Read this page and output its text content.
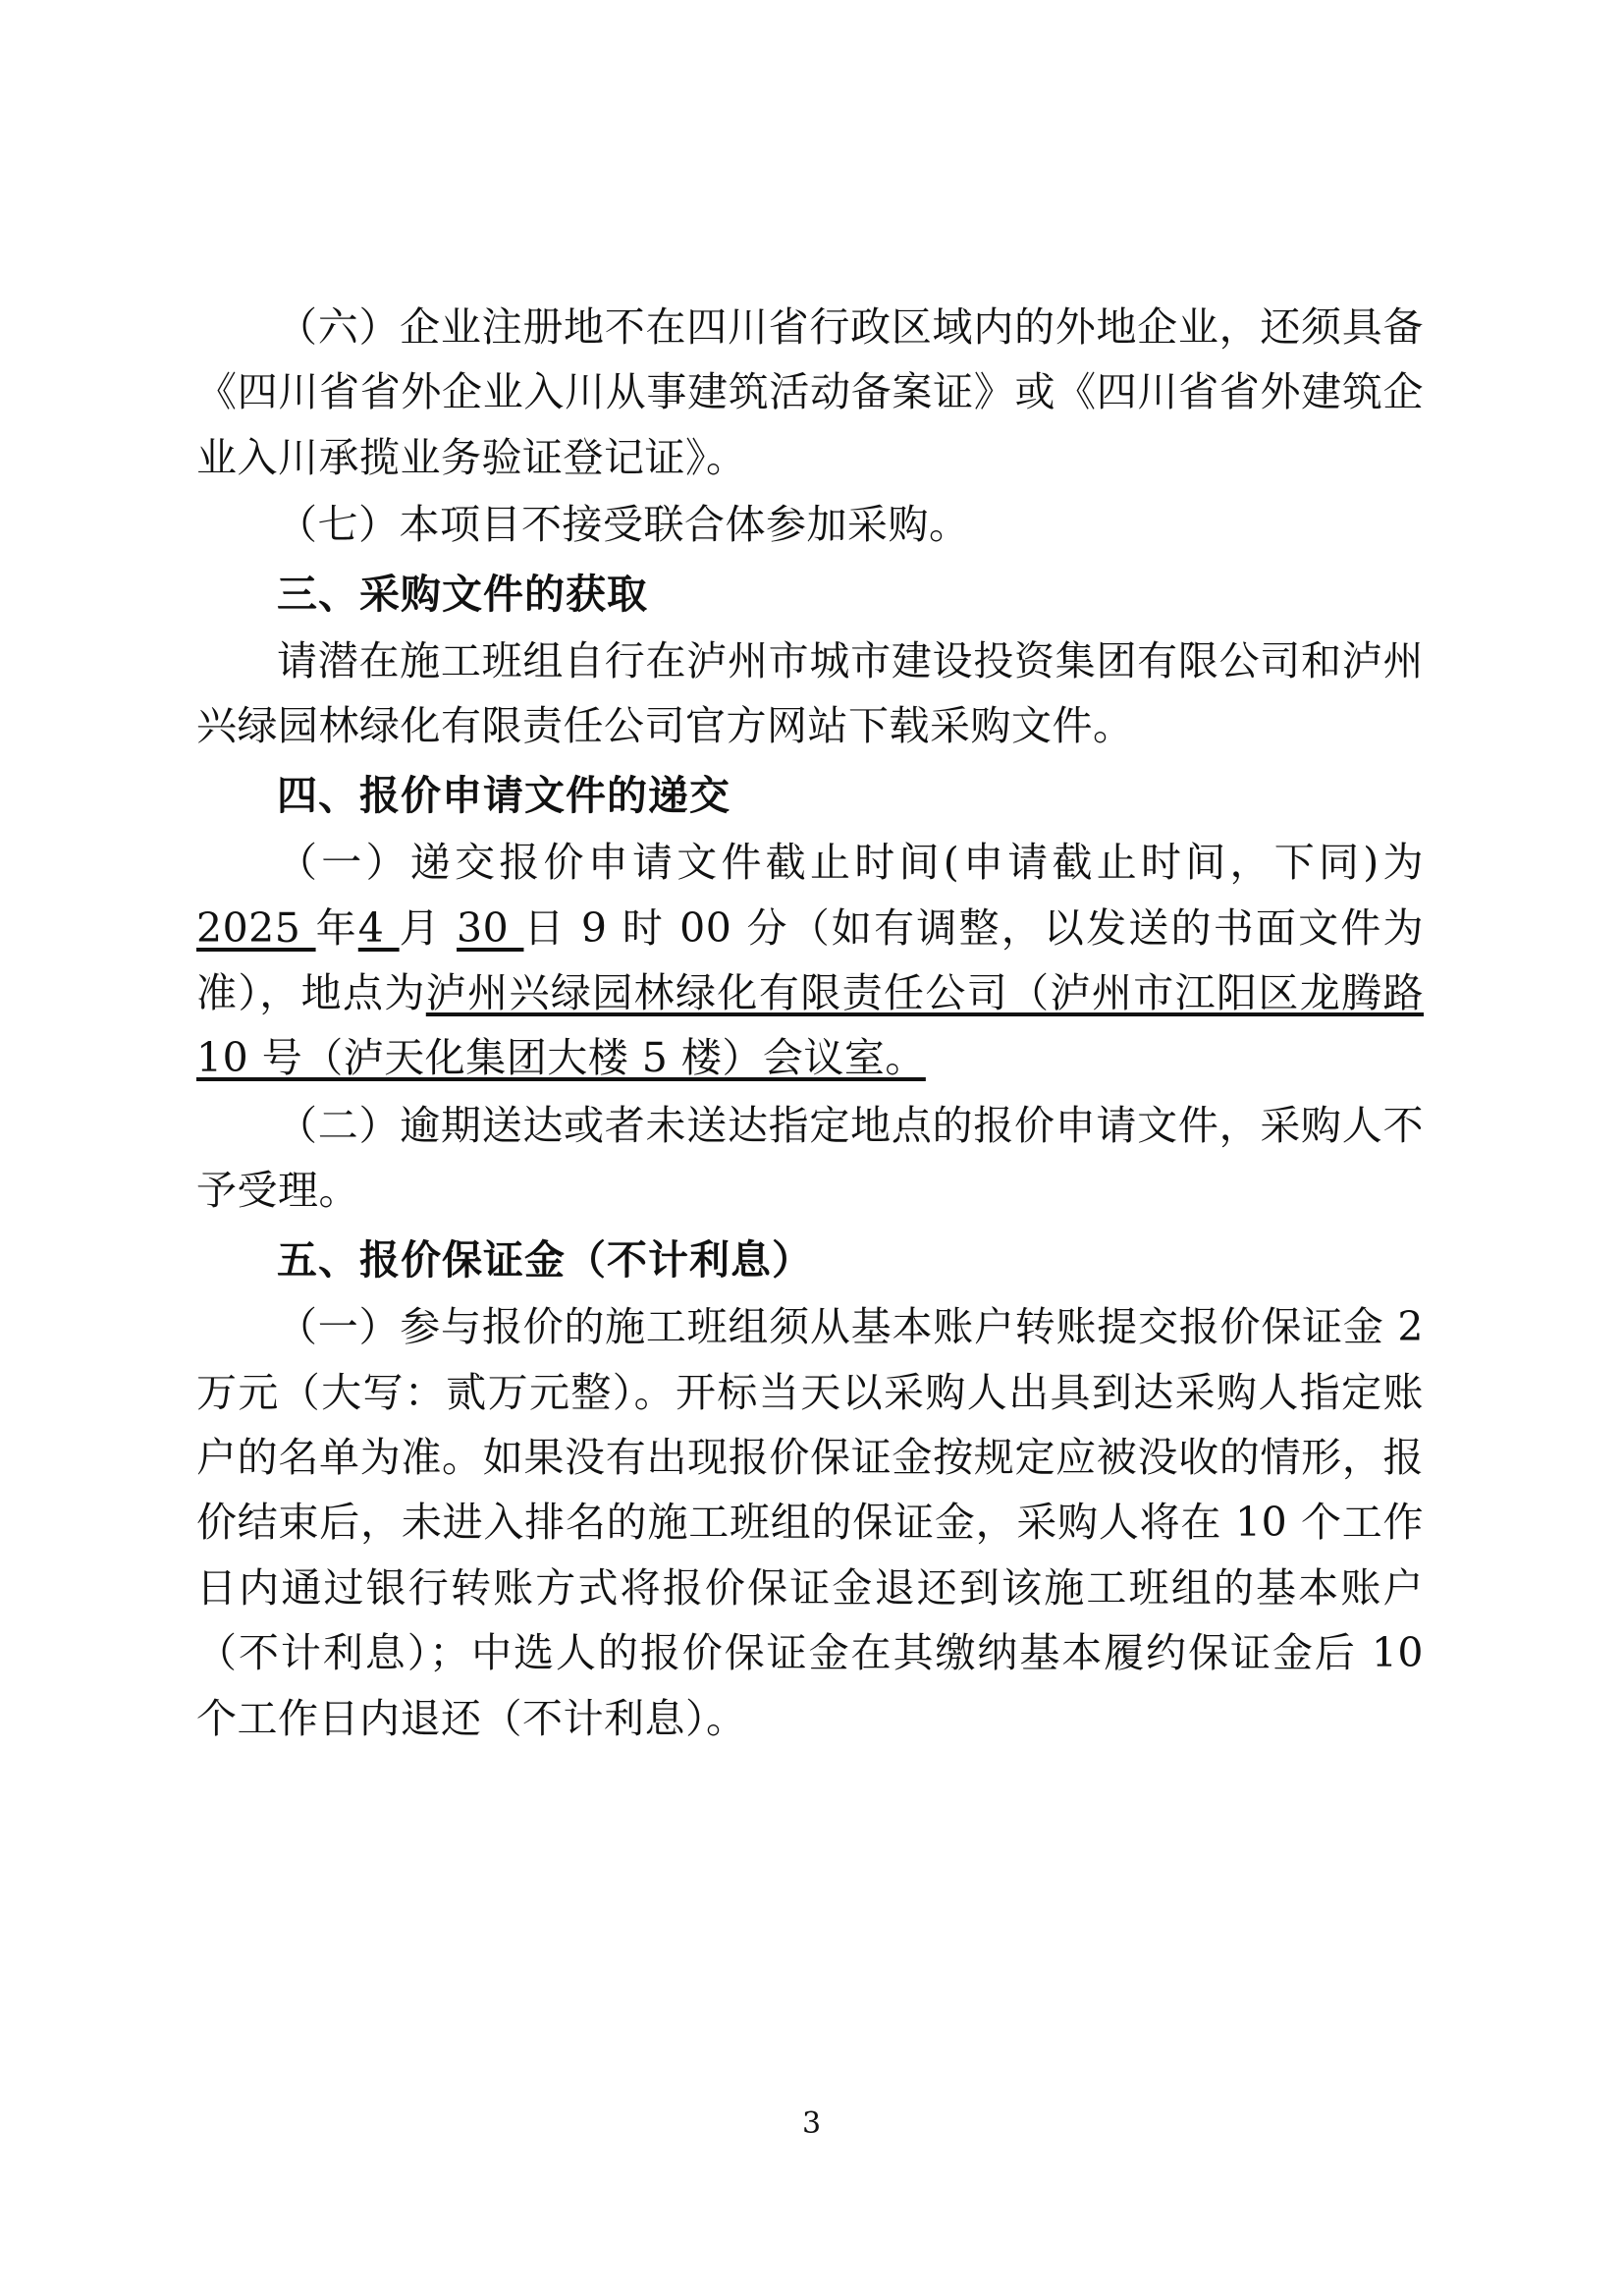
（六）企业注册地不在四川省行政区域内的外地企业，还须具备《四川省省外企业入川从事建筑活动备案证》或《四川省省外建筑企业入川承揽业务验证登记证》。

（七）本项目不接受联合体参加采购。

三、采购文件的获取

请潜在施工班组自行在泸州市城市建设投资集团有限公司和泸州兴绿园林绿化有限责任公司官方网站下载采购文件。

四、报价申请文件的递交

（一）递交报价申请文件截止时间(申请截止时间，下同)为2025 年4 月 30 日 9 时 00 分（如有调整，以发送的书面文件为准），地点为泸州兴绿园林绿化有限责任公司（泸州市江阳区龙腾路 10 号（泸天化集团大楼 5 楼）会议室。

（二）逾期送达或者未送达指定地点的报价申请文件，采购人不予受理。

五、报价保证金（不计利息）

（一）参与报价的施工班组须从基本账户转账提交报价保证金 2 万元（大写：贰万元整）。开标当天以采购人出具到达采购人指定账户的名单为准。如果没有出现报价保证金按规定应被没收的情形，报价结束后，未进入排名的施工班组的保证金，采购人将在 10 个工作日内通过银行转账方式将报价保证金退还到该施工班组的基本账户（不计利息）；中选人的报价保证金在其缴纳基本履约保证金后 10 个工作日内退还（不计利息）。

3
